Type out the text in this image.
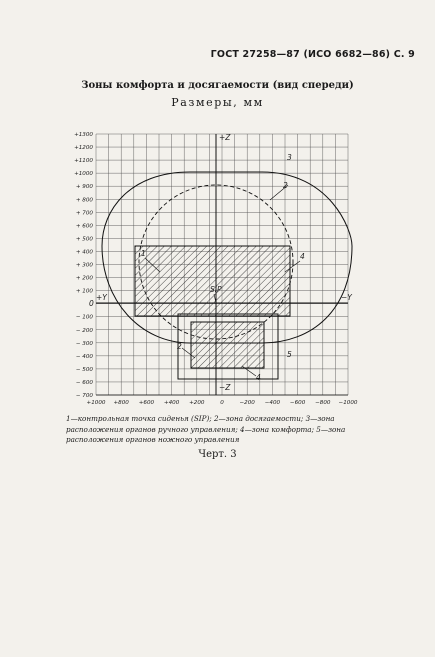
ГОСТ 27258—87 (ИСО 6682—86) С. 9
Зоны комфорта и досягаемости (вид спереди)
Размеры, мм
+1300
+1200
+1100
+1000
+ 900
+ 800
+ 700
+ 600
+ 500
+ 400
+ 300
+ 200
+ 100
− 100
− 200
− 300
− 400
− 500
− 600
− 700
+1000 +800 +600 +400 +200	0	−200 −400 −600 −800 −1000
+Z
−Z
−Y
+Y
0
SIP
1
2
3
4
5
2
4
1—контрольная точка сиденья (SIP); 2—зона досягаемости; 3—зона
расположения органов ручного управления; 4—зона комфорта; 5—зона
расположения органов ножного управления
Черт. 3
